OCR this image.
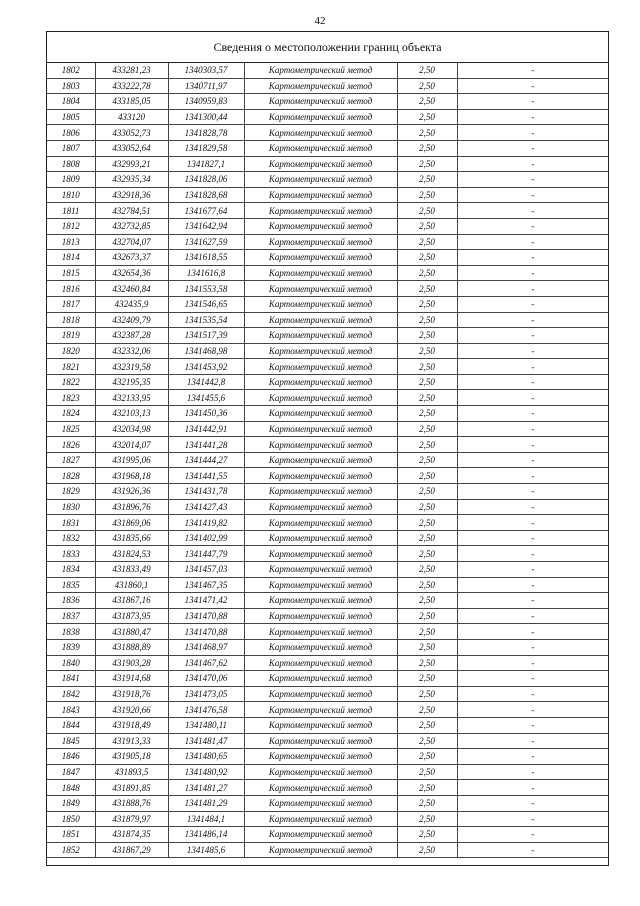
42
Сведения о местоположении границ объекта
1802	433281,23	1340303,57	Картометрический метод	2,50	-
1803	433222,78	1340711,97	Картометрический метод	2,50	-
1804	433185,05	1340959,83	Картометрический метод	2,50	-
1805	433120	1341300,44	Картометрический метод	2,50	-
1806	433052,73	1341828,78	Картометрический метод	2,50	-
1807	433052,64	1341829,58	Картометрический метод	2,50	-
1808	432993,21	1341827,1	Картометрический метод	2,50	-
1809	432935,34	1341828,06	Картометрический метод	2,50	-
1810	432918,36	1341828,68	Картометрический метод	2,50	-
1811	432784,51	1341677,64	Картометрический метод	2,50	-
1812	432732,85	1341642,94	Картометрический метод	2,50	-
1813	432704,07	1341627,59	Картометрический метод	2,50	-
1814	432673,37	1341618,55	Картометрический метод	2,50	-
1815	432654,36	1341616,8	Картометрический метод	2,50	-
1816	432460,84	1341553,58	Картометрический метод	2,50	-
1817	432435,9	1341546,65	Картометрический метод	2,50	-
1818	432409,79	1341535,54	Картометрический метод	2,50	-
1819	432387,28	1341517,39	Картометрический метод	2,50	-
1820	432332,06	1341468,98	Картометрический метод	2,50	-
1821	432319,58	1341453,92	Картометрический метод	2,50	-
1822	432195,35	1341442,8	Картометрический метод	2,50	-
1823	432133,95	1341455,6	Картометрический метод	2,50	-
1824	432103,13	1341450,36	Картометрический метод	2,50	-
1825	432034,98	1341442,91	Картометрический метод	2,50	-
1826	432014,07	1341441,28	Картометрический метод	2,50	-
1827	431995,06	1341444,27	Картометрический метод	2,50	-
1828	431968,18	1341441,55	Картометрический метод	2,50	-
1829	431926,36	1341431,78	Картометрический метод	2,50	-
1830	431896,76	1341427,43	Картометрический метод	2,50	-
1831	431869,06	1341419,82	Картометрический метод	2,50	-
1832	431835,66	1341402,99	Картометрический метод	2,50	-
1833	431824,53	1341447,79	Картометрический метод	2,50	-
1834	431833,49	1341457,03	Картометрический метод	2,50	-
1835	431860,1	1341467,35	Картометрический метод	2,50	-
1836	431867,16	1341471,42	Картометрический метод	2,50	-
1837	431873,95	1341470,88	Картометрический метод	2,50	-
1838	431880,47	1341470,88	Картометрический метод	2,50	-
1839	431888,89	1341468,97	Картометрический метод	2,50	-
1840	431903,28	1341467,62	Картометрический метод	2,50	-
1841	431914,68	1341470,06	Картометрический метод	2,50	-
1842	431918,76	1341473,05	Картометрический метод	2,50	-
1843	431920,66	1341476,58	Картометрический метод	2,50	-
1844	431918,49	1341480,11	Картометрический метод	2,50	-
1845	431913,33	1341481,47	Картометрический метод	2,50	-
1846	431905,18	1341480,65	Картометрический метод	2,50	-
1847	431893,5	1341480,92	Картометрический метод	2,50	-
1848	431891,85	1341481,27	Картометрический метод	2,50	-
1849	431888,76	1341481,29	Картометрический метод	2,50	-
1850	431879,97	1341484,1	Картометрический метод	2,50	-
1851	431874,35	1341486,14	Картометрический метод	2,50	-
1852	431867,29	1341485,6	Картометрический метод	2,50	-
